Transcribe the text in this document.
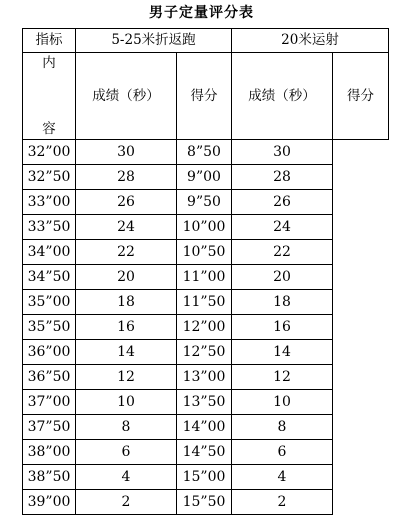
男子定量评分表
指标	5-25米折返跑		20米运射	

内
容	成绩（秒）	得分	成绩（秒）	得分
32”00	30	8”50	30	
32”50	28	9”00	28	
33”00	26	9”50	26	
33”50	24	10”00	24	
34”00	22	10”50	22	
34”50	20	11”00	20	
35”00	18	11”50	18	
35”50	16	12”00	16	
36”00	14	12”50	14	
36”50	12	13”00	12	
37”00	10	13”50	10	
37”50	8	14”00	8	
38”00	6	14”50	6	
38”50	4	15”00	4	
39”00	2	15”50	2	
